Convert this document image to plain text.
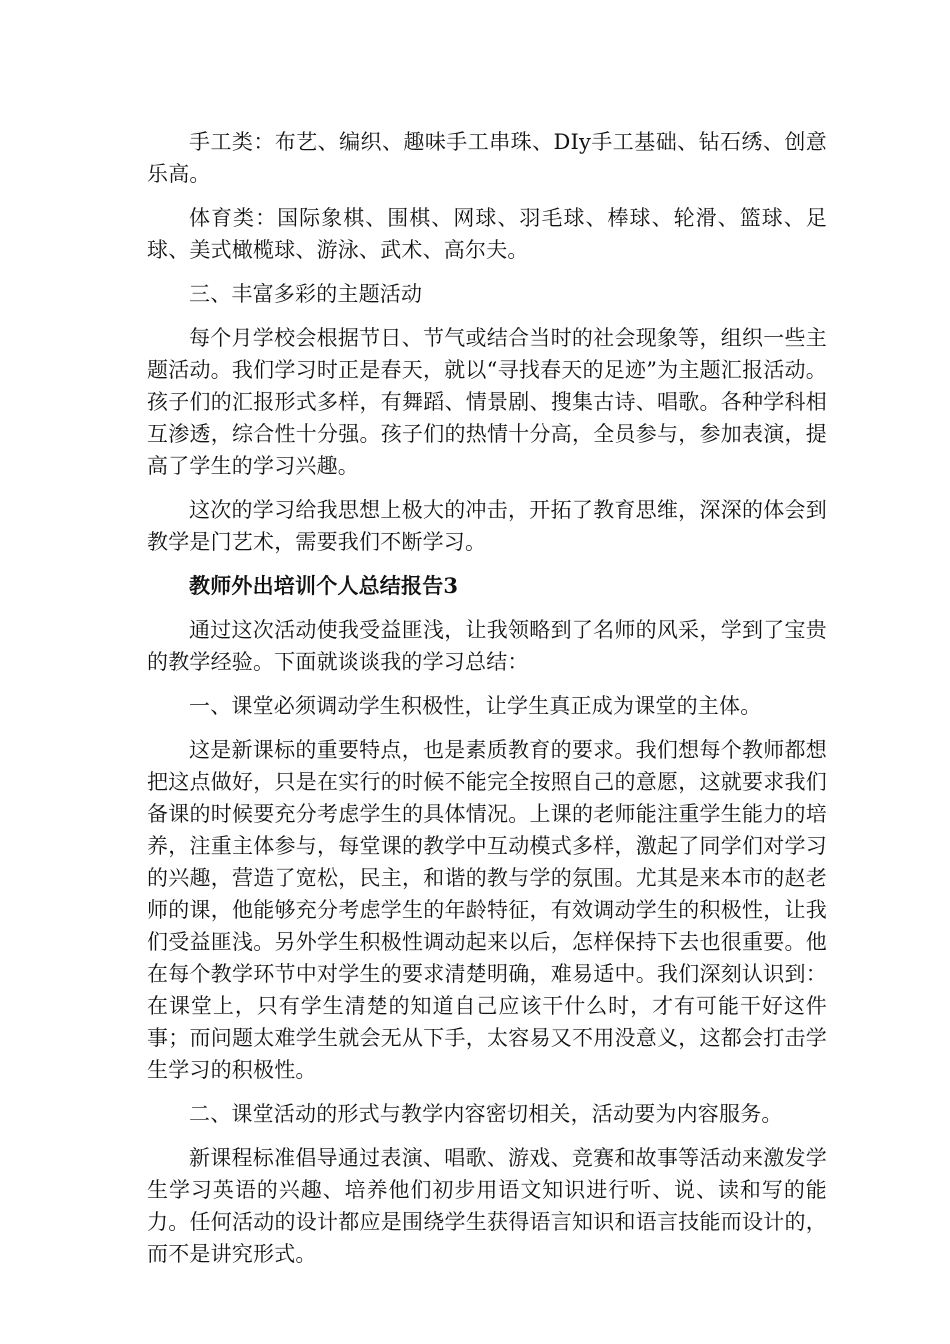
手工类：布艺、编织、趣味手工串珠、DIy手工基础、钻石绣、创意乐高。

体育类：国际象棋、围棋、网球、羽毛球、棒球、轮滑、篮球、足球、美式橄榄球、游泳、武术、高尔夫。

三、丰富多彩的主题活动

每个月学校会根据节日、节气或结合当时的社会现象等，组织一些主题活动。我们学习时正是春天，就以“寻找春天的足迹”为主题汇报活动。孩子们的汇报形式多样，有舞蹈、情景剧、搜集古诗、唱歌。各种学科相互渗透，综合性十分强。孩子们的热情十分高，全员参与，参加表演，提高了学生的学习兴趣。

这次的学习给我思想上极大的冲击，开拓了教育思维，深深的体会到教学是门艺术，需要我们不断学习。

教师外出培训个人总结报告3

通过这次活动使我受益匪浅，让我领略到了名师的风采，学到了宝贵的教学经验。下面就谈谈我的学习总结：

一、课堂必须调动学生积极性，让学生真正成为课堂的主体。

这是新课标的重要特点，也是素质教育的要求。我们想每个教师都想把这点做好，只是在实行的时候不能完全按照自己的意愿，这就要求我们备课的时候要充分考虑学生的具体情况。上课的老师能注重学生能力的培养，注重主体参与，每堂课的教学中互动模式多样，激起了同学们对学习的兴趣，营造了宽松，民主，和谐的教与学的氛围。尤其是来本市的赵老师的课，他能够充分考虑学生的年龄特征，有效调动学生的积极性，让我们受益匪浅。另外学生积极性调动起来以后，怎样保持下去也很重要。他在每个教学环节中对学生的要求清楚明确，难易适中。我们深刻认识到：在课堂上，只有学生清楚的知道自己应该干什么时，才有可能干好这件事；而问题太难学生就会无从下手，太容易又不用没意义，这都会打击学生学习的积极性。

二、课堂活动的形式与教学内容密切相关，活动要为内容服务。

新课程标准倡导通过表演、唱歌、游戏、竞赛和故事等活动来激发学生学习英语的兴趣、培养他们初步用语文知识进行听、说、读和写的能力。任何活动的设计都应是围绕学生获得语言知识和语言技能而设计的，而不是讲究形式。
